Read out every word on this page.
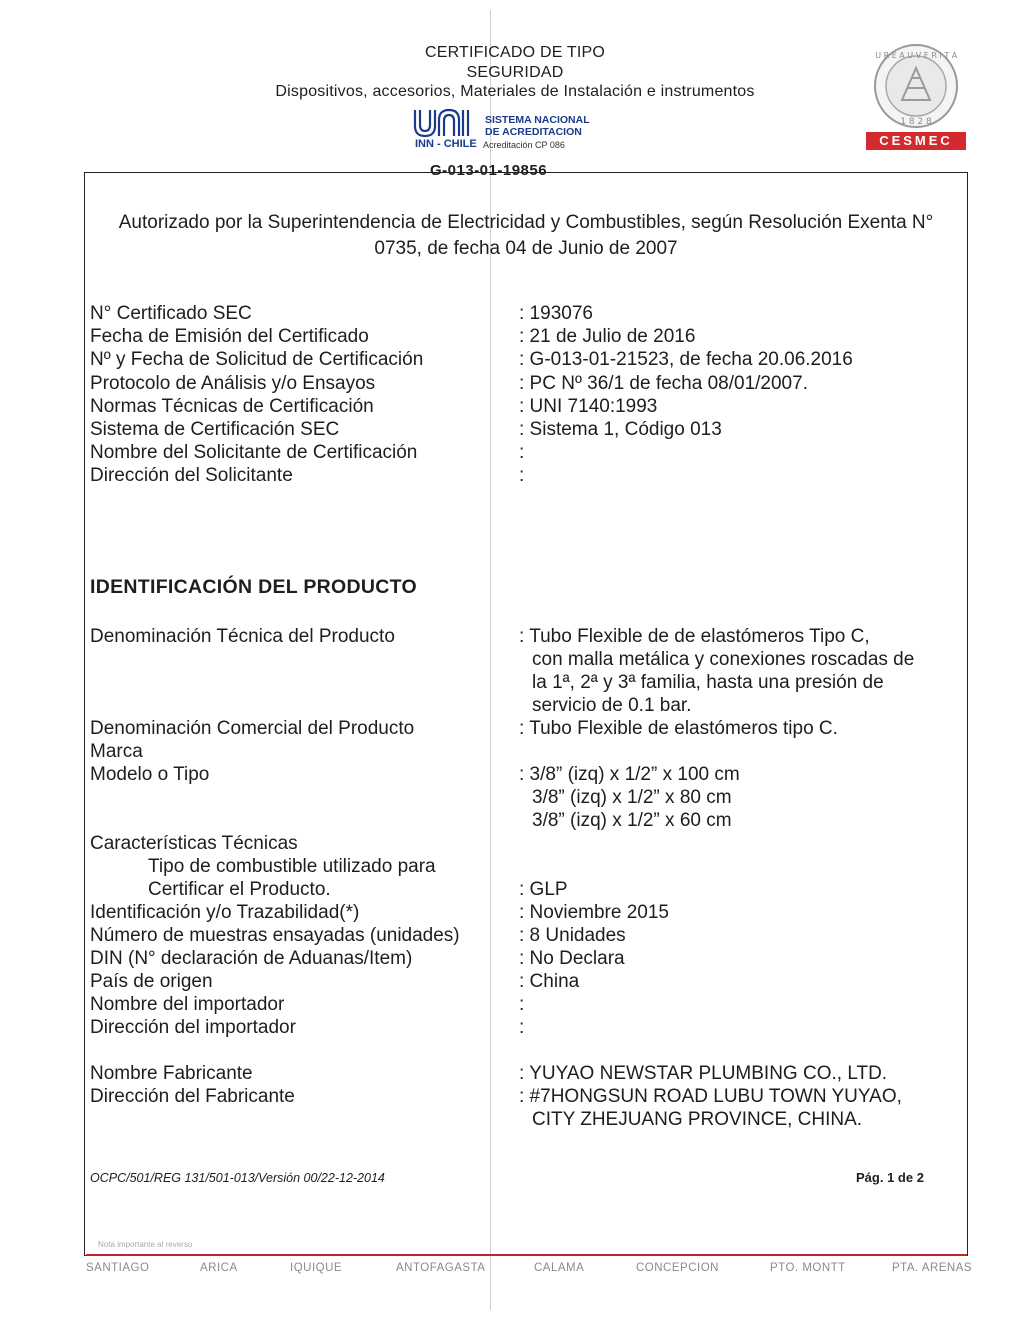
CERTIFICADO DE TIPO
SEGURIDAD
Dispositivos, accesorios, Materiales de Instalación e instrumentos
INN - CHILE
SISTEMA NACIONAL
DE ACREDITACION
Acreditación CP 086
B U R E A U V E R I T A S
1 8 2 8
CESMEC
G-013-01-19856
Autorizado por la Superintendencia de Electricidad y Combustibles, según Resolución Exenta N°
0735, de fecha 04 de Junio de 2007
N° Certificado SEC	: 193076
Fecha de Emisión del Certificado	: 21 de Julio de 2016
Nº y Fecha de Solicitud de Certificación	: G-013-01-21523, de fecha 20.06.2016
Protocolo de Análisis y/o Ensayos	: PC Nº 36/1 de fecha 08/01/2007.
Normas Técnicas de Certificación	: UNI 7140:1993
Sistema de Certificación SEC	: Sistema 1, Código 013
Nombre del Solicitante de Certificación	:
Dirección del Solicitante	:
IDENTIFICACIÓN DEL PRODUCTO
Denominación Técnica del Producto	: Tubo Flexible de de elastómeros Tipo C,
con malla metálica y conexiones roscadas de
la 1ª, 2ª y 3ª familia, hasta una presión de
servicio de 0.1 bar.
Denominación Comercial del Producto	: Tubo Flexible de elastómeros tipo C.
Marca
Modelo o Tipo	: 3/8” (izq) x 1/2” x 100 cm
3/8” (izq) x 1/2” x 80 cm
3/8” (izq) x 1/2” x 60 cm
Características Técnicas
Tipo de combustible utilizado para
Certificar el Producto.	: GLP
Identificación y/o Trazabilidad(*)	: Noviembre 2015
Número de muestras ensayadas (unidades)	: 8 Unidades
DIN (N° declaración de Aduanas/Item)	: No Declara
País de origen	: China
Nombre del importador	:
Dirección del importador	:
Nombre Fabricante	: YUYAO NEWSTAR PLUMBING CO., LTD.
Dirección del Fabricante	: #7HONGSUN ROAD LUBU TOWN YUYAO,
CITY ZHEJUANG PROVINCE, CHINA.
OCPC/501/REG 131/501-013/Versión 00/22-12-2014	Pág. 1 de 2
Nota importante al reverso
SANTIAGO	ARICA	IQUIQUE	ANTOFAGASTA	CALAMA	CONCEPCION	PTO. MONTT	PTA. ARENAS
